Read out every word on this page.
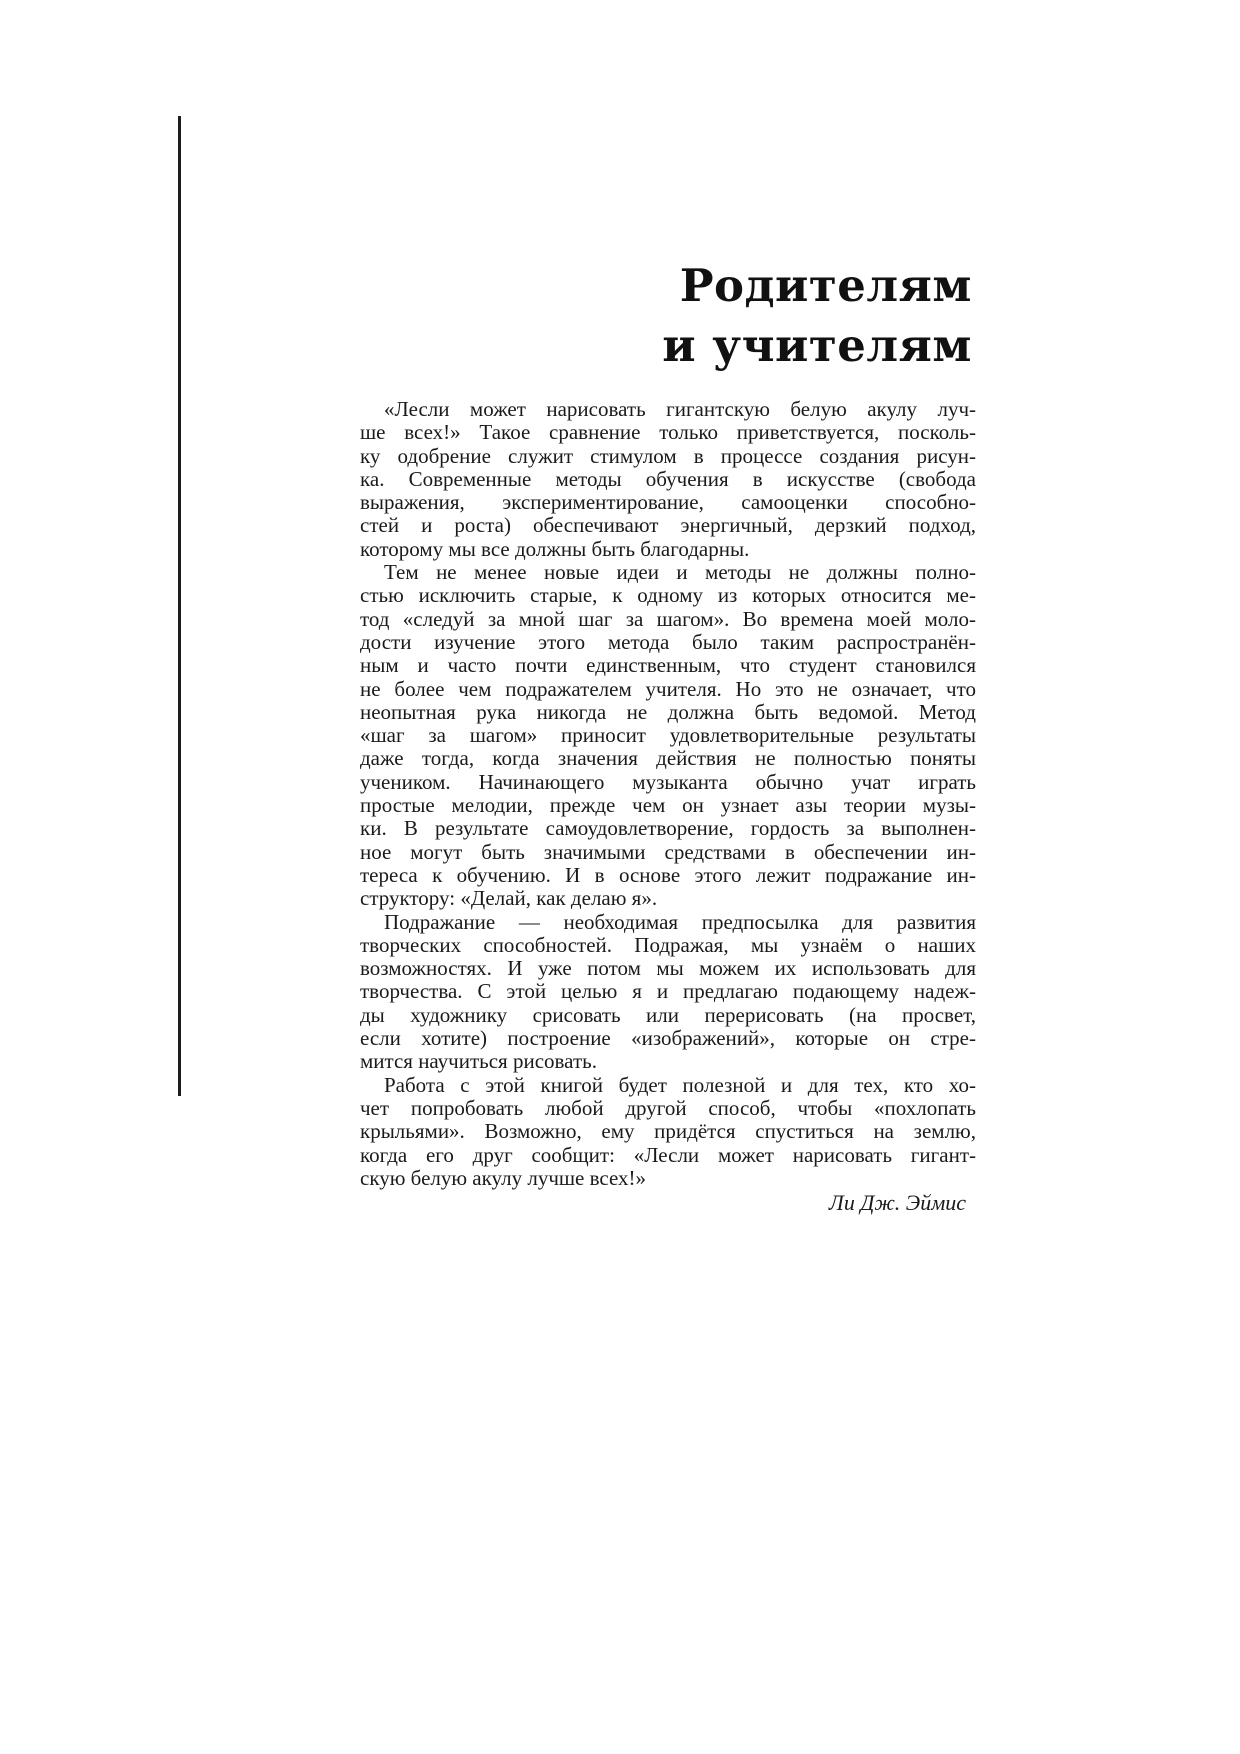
Родителям
и учителям
«Лесли может нарисовать гигантскую белую акулу луч-
ше всех!» Такое сравнение только приветствуется, посколь-
ку одобрение служит стимулом в процессе создания рисун-
ка. Современные методы обучения в искусстве (свобода
выражения, экспериментирование, самооценки способно-
стей и роста) обеспечивают энергичный, дерзкий подход,
которому мы все должны быть благодарны.
Тем не менее новые идеи и методы не должны полно-
стью исключить старые, к одному из которых относится ме-
тод «следуй за мной шаг за шагом». Во времена моей моло-
дости изучение этого метода было таким распространён-
ным и часто почти единственным, что студент становился
не более чем подражателем учителя. Но это не означает, что
неопытная рука никогда не должна быть ведомой. Метод
«шаг за шагом» приносит удовлетворительные результаты
даже тогда, когда значения действия не полностью поняты
учеником. Начинающего музыканта обычно учат играть
простые мелодии, прежде чем он узнает азы теории музы-
ки. В результате самоудовлетворение, гордость за выполнен-
ное могут быть значимыми средствами в обеспечении ин-
тереса к обучению. И в основе этого лежит подражание ин-
структору: «Делай, как делаю я».
Подражание — необходимая предпосылка для развития
творческих способностей. Подражая, мы узнаём о наших
возможностях. И уже потом мы можем их использовать для
творчества. С этой целью я и предлагаю подающему надеж-
ды художнику срисовать или перерисовать (на просвет,
если хотите) построение «изображений», которые он стре-
мится научиться рисовать.
Работа с этой книгой будет полезной и для тех, кто хо-
чет попробовать любой другой способ, чтобы «похлопать
крыльями». Возможно, ему придётся спуститься на землю,
когда его друг сообщит: «Лесли может нарисовать гигант-
скую белую акулу лучше всех!»
Ли Дж. Эймис
